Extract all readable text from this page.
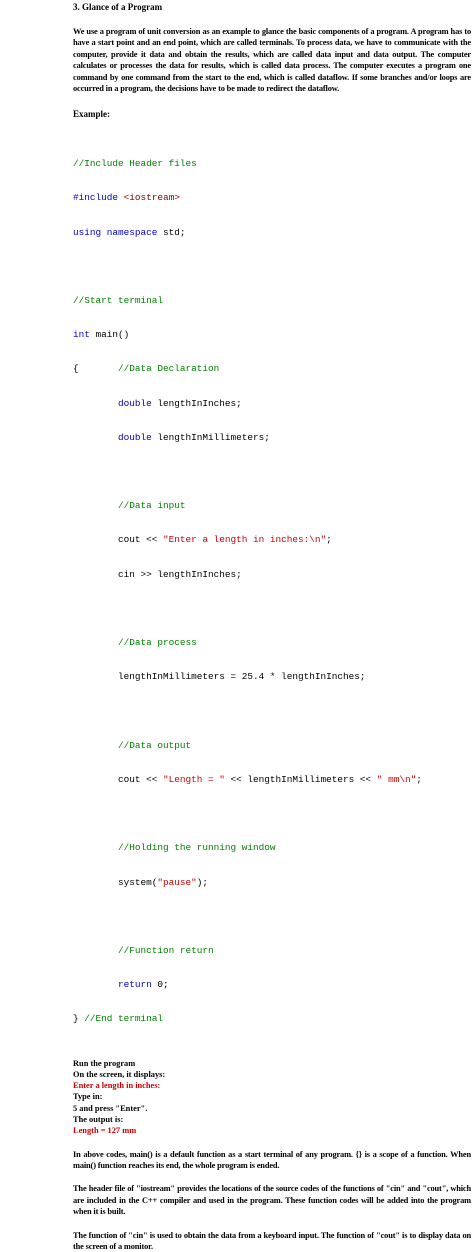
3. Glance of a Program

We use a program of unit conversion as an example to glance the basic components of a program. A program has to have a start point and an end point, which are called terminals. To process data, we have to communicate with the computer, provide it data and obtain the results, which are called data input and data output. The computer calculates or processes the data for results, which is called data process. The computer executes a program one command by one command from the start to the end, which is called dataflow. If some branches and/or loops are occurred in a program, the decisions have to be made to redirect the dataflow.

Example:

//Include Header files

#include <iostream>

using namespace std;

//Start terminal

int main()

{       //Data Declaration

double lengthInInches;

double lengthInMillimeters;

//Data input

cout << "Enter a length in inches:\n";

cin >> lengthInInches;

//Data process

lengthInMillimeters = 25.4 * lengthInInches;

//Data output

cout << "Length = " << lengthInMillimeters << " mm\n";

//Holding the running window

system("pause");

//Function return

return 0;

} //End terminal

Run the program
On the screen, it displays:
Enter a length in inches:
Type in:
5 and press "Enter".
The output is:
Length = 127 mm

In above codes, main() is a default function as a start terminal of any program. {} is a scope of a function. When main() function reaches its end, the whole program is ended.

The header file of "iostream" provides the locations of the source codes of the functions of "cin" and "cout", which are included in the C++ compiler and used in the program. These function codes will be added into the program when it is built.

The function of "cin" is used to obtain the data from a keyboard input. The function of "cout" is to display data on the screen of a monitor.
